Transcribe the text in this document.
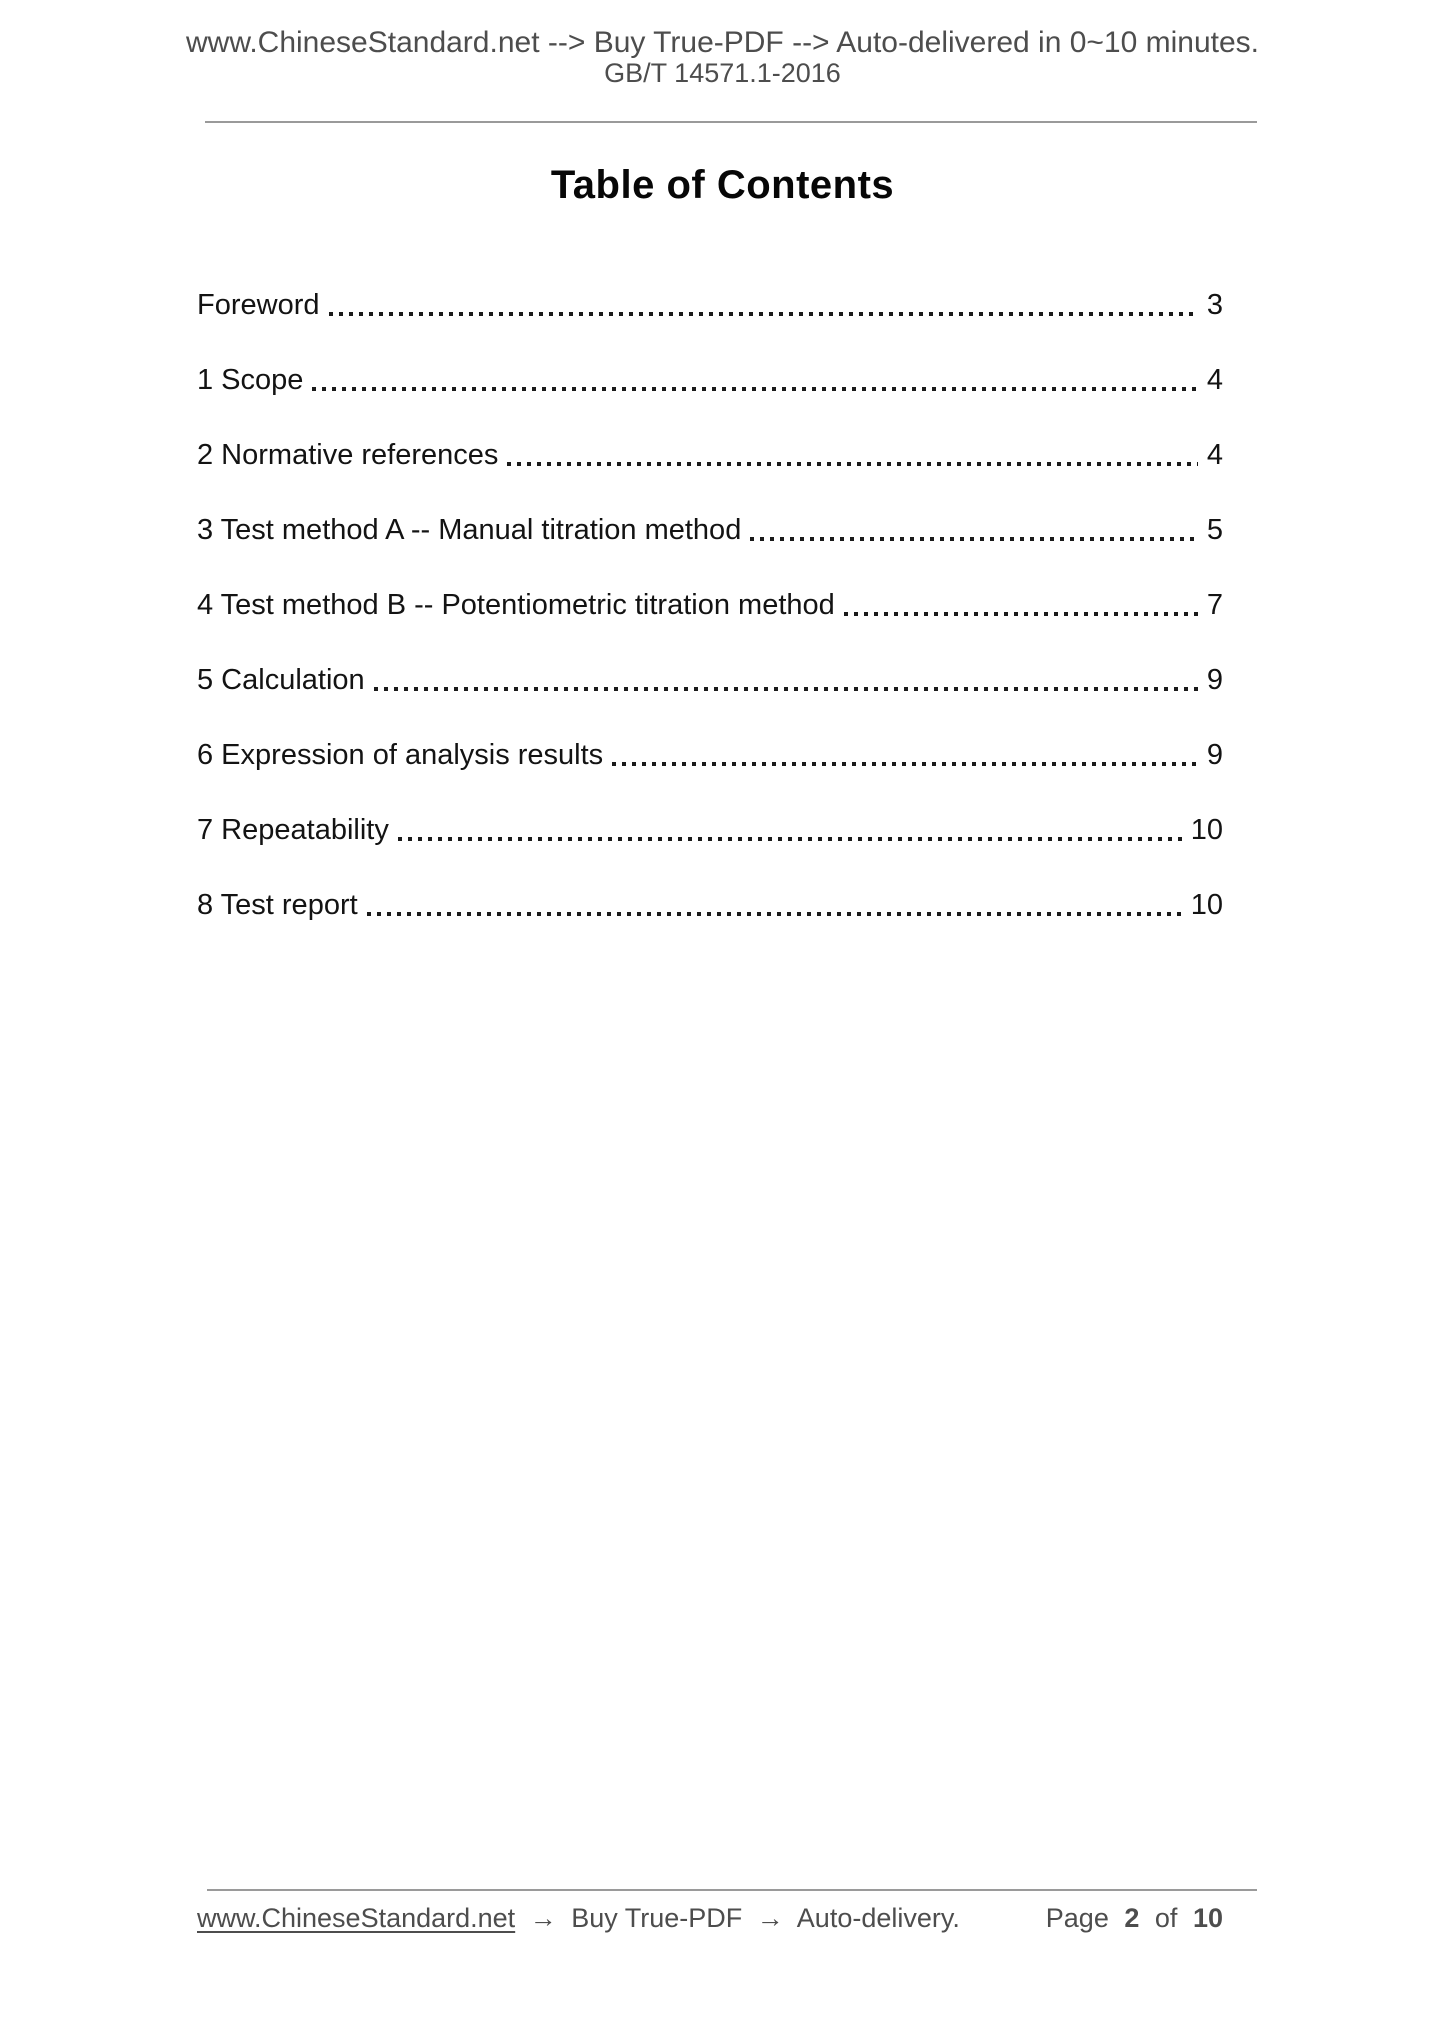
www.ChineseStandard.net --> Buy True-PDF --> Auto-delivered in 0~10 minutes.
GB/T 14571.1-2016
Table of Contents
Foreword	3
1 Scope	4
2 Normative references	4
3 Test method A -- Manual titration method	5
4 Test method B -- Potentiometric titration method	7
5 Calculation	9
6 Expression of analysis results	9
7 Repeatability	10
8 Test report	10
www.ChineseStandard.net → Buy True-PDF → Auto-delivery.	Page 2 of 10
